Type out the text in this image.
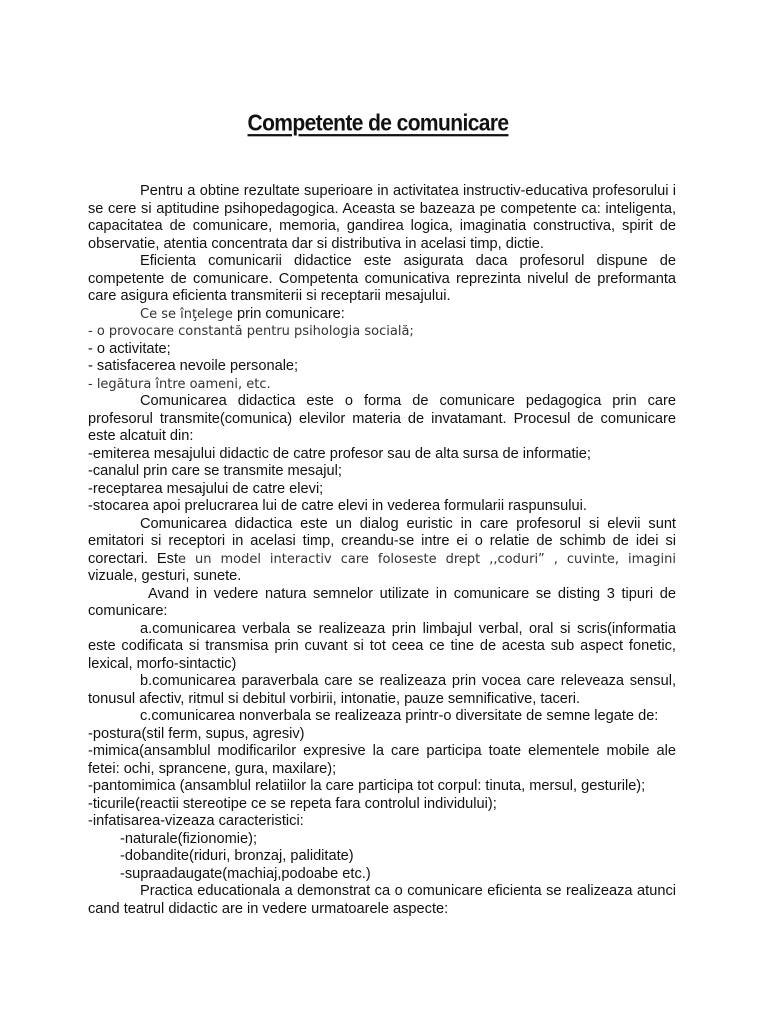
Competente de comunicare

Pentru a obtine rezultate superioare in activitatea instructiv-educativa profesorului i se cere si aptitudine psihopedagogica. Aceasta se bazeaza pe competente ca: inteligenta, capacitatea de comunicare, memoria, gandirea logica, imaginatia constructiva, spirit de observatie, atentia concentrata dar si distributiva in acelasi timp, dictie.

Eficienta comunicarii didactice este asigurata daca profesorul dispune de competente de comunicare. Competenta comunicativa reprezinta nivelul de preformanta care asigura eficienta transmiterii si receptarii mesajului.

Ce se înţelege prin comunicare:

- o provocare constantă pentru psihologia socială;
- o activitate;
- satisfacerea nevoile personale;
- legătura între oameni, etc.

Comunicarea didactica este o forma de comunicare pedagogica prin care profesorul transmite(comunica) elevilor materia de invatamant. Procesul de comunicare este alcatuit din:

-emiterea mesajului didactic de catre profesor sau de alta sursa de informatie;
-canalul prin care se transmite mesajul;
-receptarea mesajului de catre elevi;
-stocarea apoi prelucrarea lui de catre elevi in vederea formularii raspunsului.

Comunicarea didactica este un dialog euristic in care profesorul si elevii sunt emitatori si receptori in acelasi timp, creandu-se intre ei o relatie de schimb de idei si corectari. Este un model interactiv care foloseste drept ,,coduri” , cuvinte, imagini vizuale, gesturi, sunete.

Avand in vedere natura semnelor utilizate in comunicare se disting 3 tipuri de comunicare:

a.comunicarea verbala se realizeaza prin limbajul verbal, oral si scris(informatia este codificata si transmisa prin cuvant si tot ceea ce tine de acesta sub aspect fonetic, lexical, morfo-sintactic)

b.comunicarea paraverbala care se realizeaza prin vocea care releveaza sensul, tonusul afectiv, ritmul si debitul vorbirii, intonatie, pauze semnificative, taceri.

c.comunicarea nonverbala se realizeaza printr-o diversitate de semne legate de:

-postura(stil ferm, supus, agresiv)
-mimica(ansamblul modificarilor expresive la care participa toate elementele mobile ale fetei: ochi, sprancene, gura, maxilare);
-pantomimica (ansamblul relatiilor la care participa tot corpul: tinuta, mersul, gesturile);
-ticurile(reactii stereotipe ce se repeta fara controlul individului);
-infatisarea-vizeaza caracteristici:
-naturale(fizionomie);
-dobandite(riduri, bronzaj, paliditate)
-supraadaugate(machiaj,podoabe etc.)

Practica educationala a demonstrat ca o comunicare eficienta se realizeaza atunci cand teatrul didactic are in vedere urmatoarele aspecte:
